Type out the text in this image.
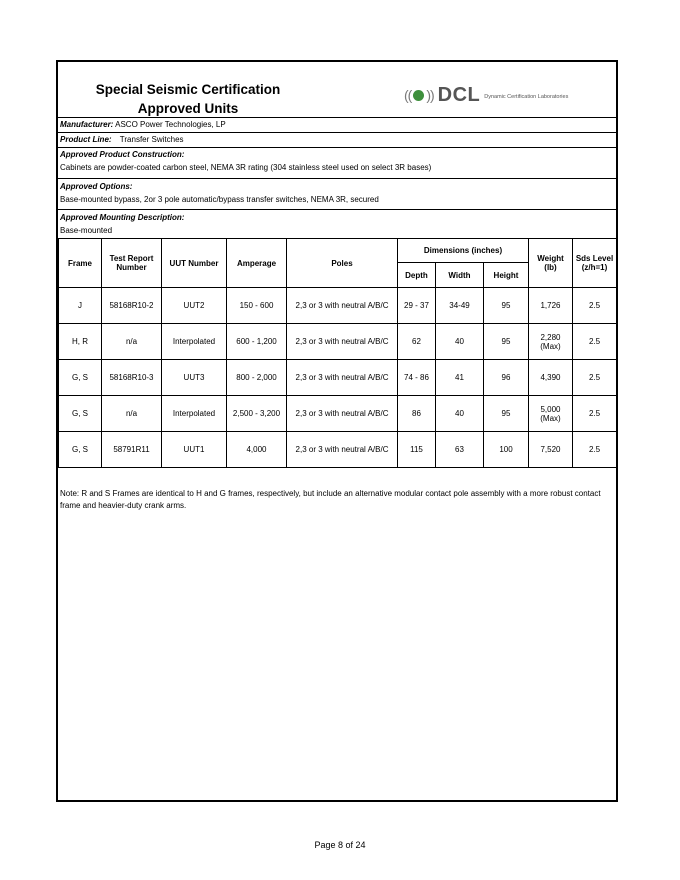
Special Seismic Certification
Approved Units
(( )) DCL Dynamic Certification Laboratories
Manufacturer: ASCO Power Technologies, LP
Product Line: Transfer Switches
Approved Product Construction:
Cabinets are powder-coated carbon steel, NEMA 3R rating (304 stainless steel used on select 3R bases)
Approved Options:
Base-mounted bypass, 2or 3 pole automatic/bypass transfer switches, NEMA 3R, secured
Approved Mounting Description:
Base-mounted
Frame	Test Report Number	UUT Number	Amperage	Poles	Dimensions (inches)			Weight (lb)	Sds Level (z/h=1)
					Depth	Width	Height		
J	58168R10-2	UUT2	150 - 600	2,3 or 3 with neutral A/B/C	29 - 37	34-49	95	1,726	2.5
H, R	n/a	Interpolated	600 - 1,200	2,3 or 3 with neutral A/B/C	62	40	95	2,280 (Max)	2.5
G, S	58168R10-3	UUT3	800 - 2,000	2,3 or 3 with neutral A/B/C	74 - 86	41	96	4,390	2.5
G, S	n/a	Interpolated	2,500 - 3,200	2,3 or 3 with neutral A/B/C	86	40	95	5,000 (Max)	2.5
G, S	58791R11	UUT1	4,000	2,3 or 3 with neutral A/B/C	115	63	100	7,520	2.5
Note: R and S Frames are identical to H and G frames, respectively, but include an alternative modular contact pole assembly with a more robust contact frame and heavier-duty crank arms.
Page 8 of 24
